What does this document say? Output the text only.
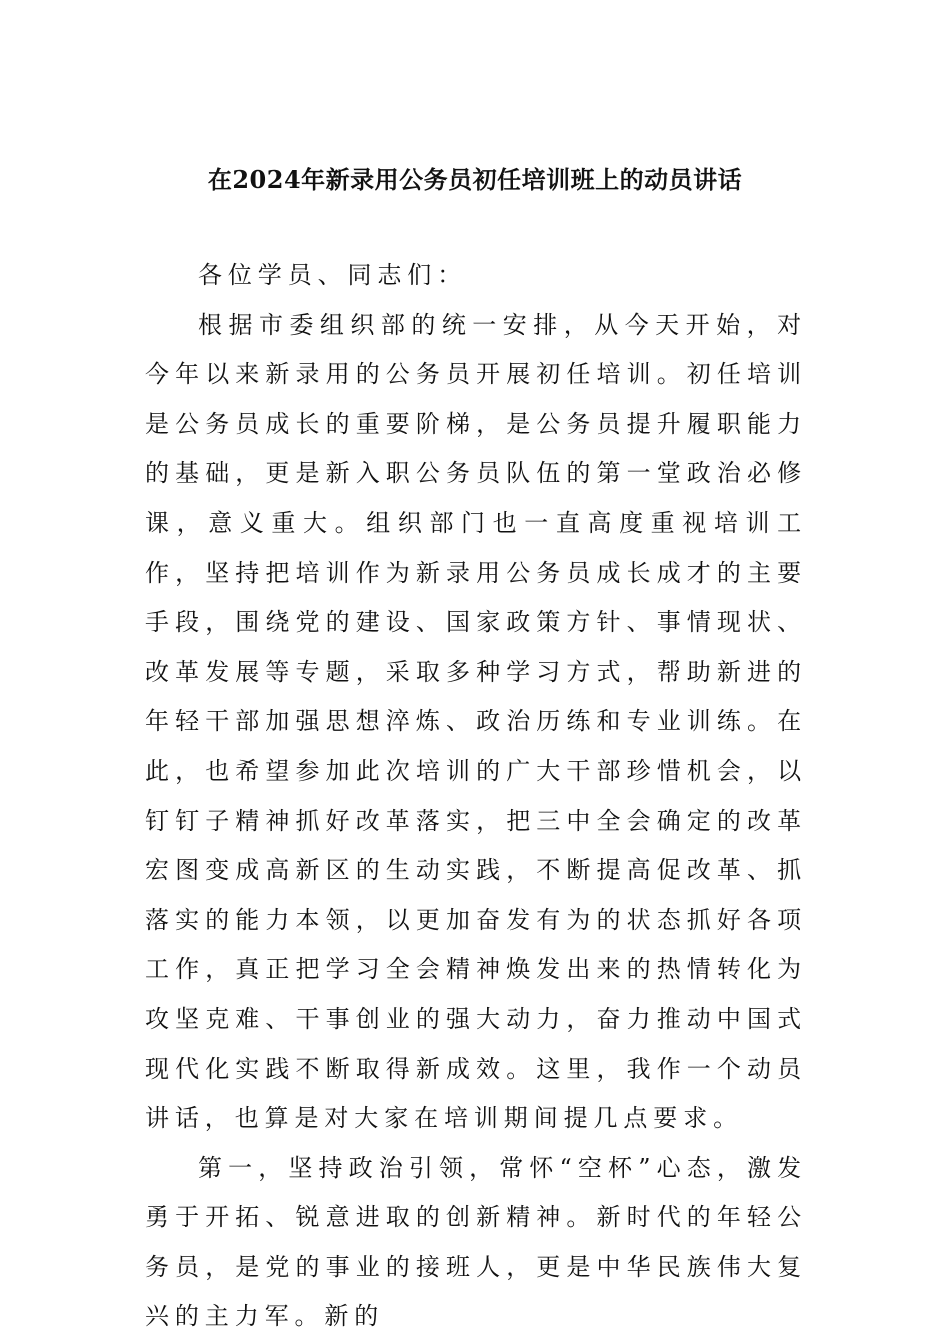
在2024年新录用公务员初任培训班上的动员讲话

各位学员、同志们：

根据市委组织部的统一安排，从今天开始，对今年以来新录用的公务员开展初任培训。初任培训是公务员成长的重要阶梯，是公务员提升履职能力的基础，更是新入职公务员队伍的第一堂政治必修课，意义重大。组织部门也一直高度重视培训工作，坚持把培训作为新录用公务员成长成才的主要手段，围绕党的建设、国家政策方针、事情现状、改革发展等专题，采取多种学习方式，帮助新进的年轻干部加强思想淬炼、政治历练和专业训练。在此，也希望参加此次培训的广大干部珍惜机会，以钉钉子精神抓好改革落实，把三中全会确定的改革宏图变成高新区的生动实践，不断提高促改革、抓落实的能力本领，以更加奋发有为的状态抓好各项工作，真正把学习全会精神焕发出来的热情转化为攻坚克难、干事创业的强大动力，奋力推动中国式现代化实践不断取得新成效。这里，我作一个动员讲话，也算是对大家在培训期间提几点要求。

第一，坚持政治引领，常怀“空杯”心态，激发勇于开拓、锐意进取的创新精神。新时代的年轻公务员，是党的事业的接班人，更是中华民族伟大复兴的主力军。新的
